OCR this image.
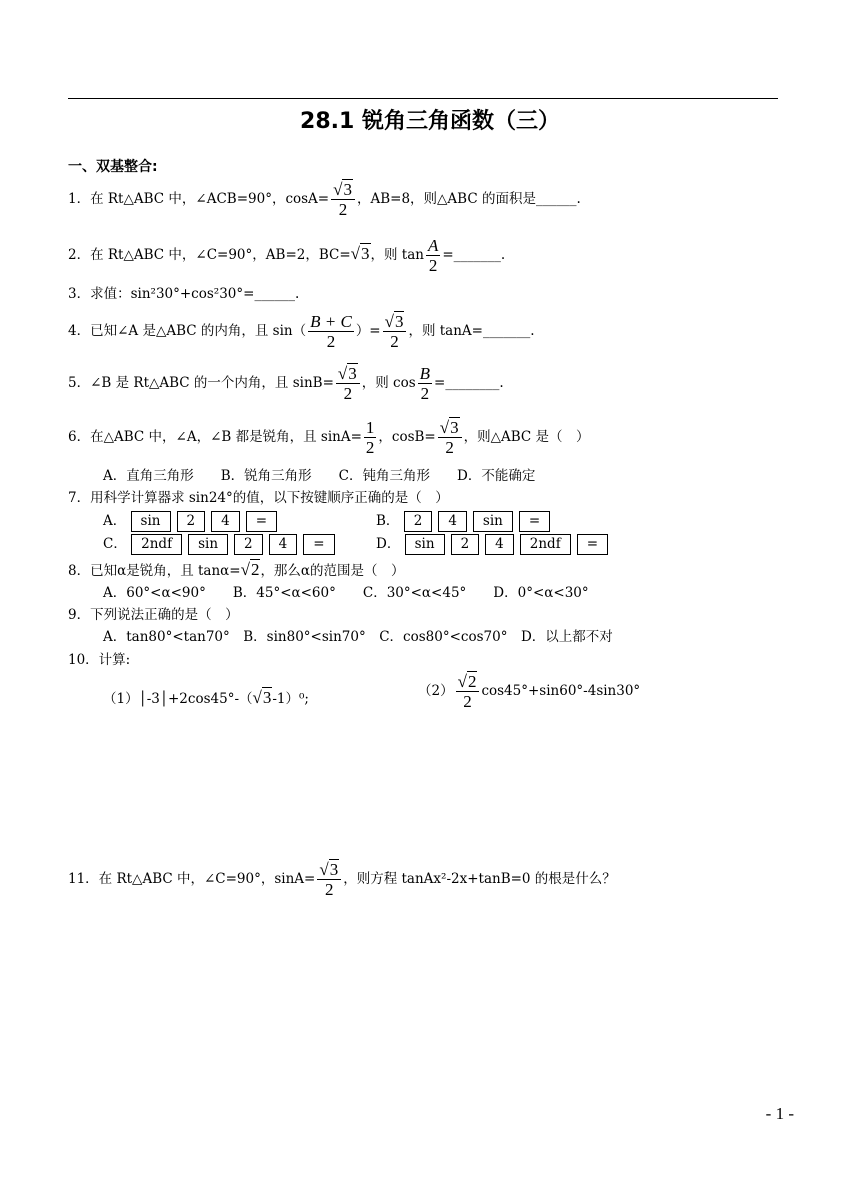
28.1 锐角三角函数（三）
一、双基整合:
1．在 Rt△ABC 中，∠ACB=90°，$\cos A= \frac{√3}{2}$ ，AB=8，则△ABC 的面积是______.
2．在 Rt△ABC 中，∠C=90°，AB=2，BC=√3，则 $\tan \frac{A}{2}$ =_______.
3．求值：sin²30°+cos²30°=______.
4．已知∠A 是△ABC 的内角，且 $\sin( \frac{B + C}{2}$ ）= $\frac{√3}{2}$ ，则 tanA=_______.
5．∠B 是 Rt△ABC 的一个内角，且 $\sin B= \frac{√3}{2}$ ，则 $\cos \frac{B}{2}$ =________.
6．在△ABC 中，∠A，∠B 都是锐角，且 $\sin A= \frac{1}{2}$ ，$\cos B= \frac{√3}{2}$ ，则△ABC 是（　）
A．直角三角形　　B．锐角三角形　　C．钝角三角形　　D．不能确定
7．用科学计算器求 sin24°的值，以下按键顺序正确的是（　）
A． sin 2 4 =	B． 2 4 sin =
C． 2ndf sin 2 4 =	D． sin 2 4 2ndf =
8．已知α是锐角，且 tanα=√2，那么α的范围是（　）
A．60°<α<90°　　B．45°<α<60°　　C．30°<α<45°　　D．0°<α<30°
9．下列说法正确的是（　）
A．tan80°<tan70°　B．sin80°<sin70°　C．cos80°<cos70°　D．以上都不对
10．计算:
（1）│-3│+2cos45°-（√3-1）⁰;	$(2) \frac{√2}{2} \cos 45^\circ+\sin 60^\circ-4\sin 30^\circ$
11．在 Rt△ABC 中，∠C=90°，$\sin A= \frac{√3}{2}$ ，则方程 tanAx²-2x+tanB=0 的根是什么？
- 1 -
